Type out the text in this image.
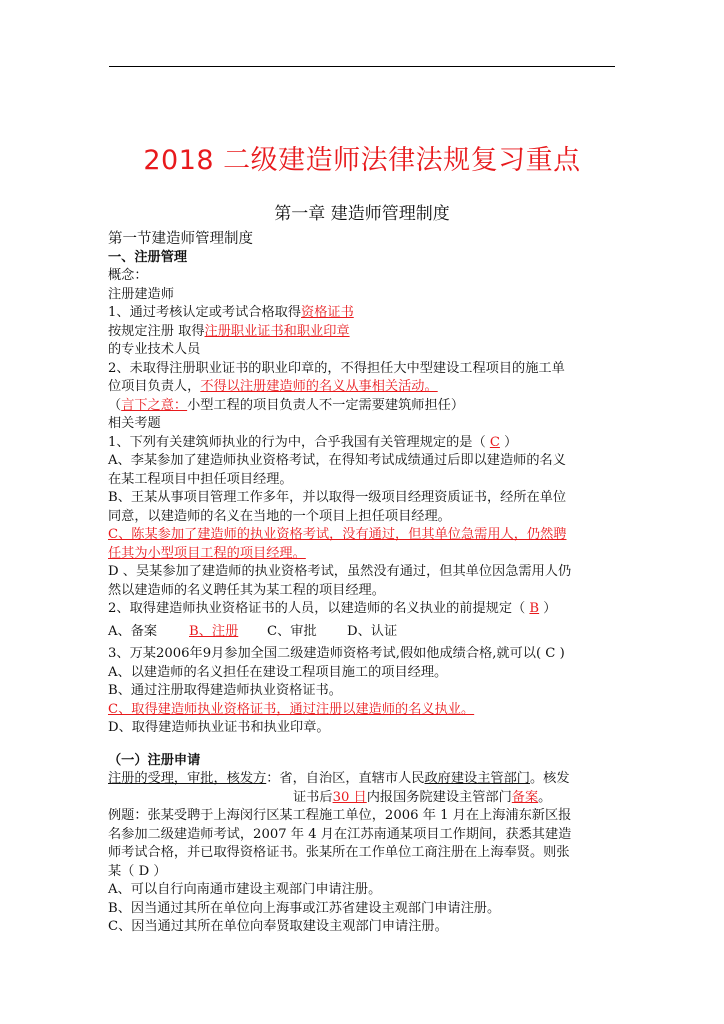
2018 二级建造师法律法规复习重点
第一章 建造师管理制度
第一节建造师管理制度
一、注册管理
概念：
注册建造师
1、通过考核认定或考试合格取得资格证书
按规定注册 取得注册职业证书和职业印章
的专业技术人员
2、未取得注册职业证书的职业印章的，不得担任大中型建设工程项目的施工单
位项目负责人，不得以注册建造师的名义从事相关活动。
（言下之意：小型工程的项目负责人不一定需要建筑师担任）
相关考题
1、下列有关建筑师执业的行为中，合乎我国有关管理规定的是（ C ）
A、李某参加了建造师执业资格考试，在得知考试成绩通过后即以建造师的名义
在某工程项目中担任项目经理。
B、王某从事项目管理工作多年，并以取得一级项目经理资质证书，经所在单位
同意，以建造师的名义在当地的一个项目上担任项目经理。
C、陈某参加了建造师的执业资格考试，没有通过，但其单位急需用人，仍然聘
任其为小型项目工程的项目经理。
D 、吴某参加了建造师的执业资格考试，虽然没有通过，但其单位因急需用人仍
然以建造师的名义聘任其为某工程的项目经理。
2、取得建造师执业资格证书的人员，以建造师的名义执业的前提规定（ B ）
A、备案 B、注册 C、审批 D、认证
3、万某2006年9月参加全国二级建造师资格考试,假如他成绩合格,就可以( C )
A、以建造师的名义担任在建设工程项目施工的项目经理。
B、通过注册取得建造师执业资格证书。
C、取得建造师执业资格证书，通过注册以建造师的名义执业。
D、取得建造师执业证书和执业印章。
（一）注册申请
注册的受理，审批，核发方：省，自治区，直辖市人民政府建设主管部门。核发
证书后30 日内报国务院建设主管部门备案。
例题：张某受聘于上海闵行区某工程施工单位，2006 年 1 月在上海浦东新区报
名参加二级建造师考试，2007 年 4 月在江苏南通某项目工作期间，获悉其建造
师考试合格，并已取得资格证书。张某所在工作单位工商注册在上海奉贤。则张
某（ D ）
A、可以自行向南通市建设主观部门申请注册。
B、因当通过其所在单位向上海事或江苏省建设主观部门申请注册。
C、因当通过其所在单位向奉贤取建设主观部门申请注册。
